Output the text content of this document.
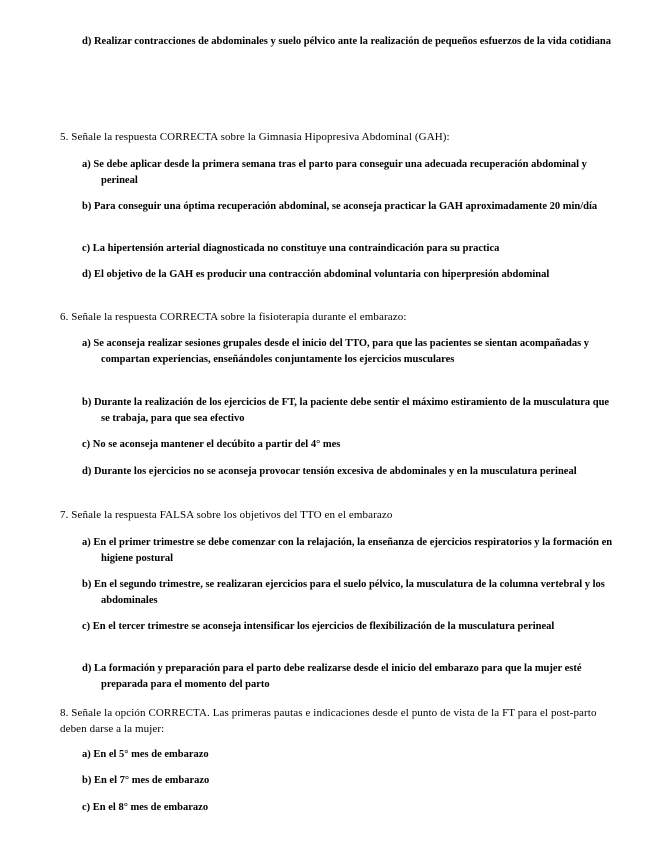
d) Realizar contracciones de abdominales y suelo pélvico ante la realización de pequeños esfuerzos de la vida cotidiana
5. Señale la respuesta CORRECTA sobre la Gimnasia Hipopresiva Abdominal (GAH):
a) Se debe aplicar desde la primera semana tras el parto para conseguir una adecuada recuperación abdominal y perineal
b) Para conseguir una óptima recuperación abdominal, se aconseja practicar la GAH aproximadamente 20 min/día
c) La hipertensión arterial diagnosticada no constituye una contraindicación para su practica
d) El objetivo de la GAH es producir una contracción abdominal voluntaria con hiperpresión abdominal
6. Señale la respuesta CORRECTA sobre la fisioterapia durante el embarazo:
a) Se aconseja realizar sesiones grupales desde el inicio del TTO, para que las pacientes se sientan acompañadas y compartan experiencias, enseñándoles conjuntamente los ejercicios musculares
b) Durante la realización de los ejercicios de FT, la paciente debe sentir el máximo estiramiento de la musculatura que se trabaja, para que sea efectivo
c) No se aconseja mantener el decúbito a partir del 4° mes
d) Durante los ejercicios no se aconseja provocar tensión excesiva de abdominales y en la musculatura perineal
7. Señale la respuesta FALSA sobre los objetivos del TTO en el embarazo
a) En el primer trimestre se debe comenzar con la relajación, la enseñanza de ejercicios respiratorios y la formación en higiene postural
b) En el segundo trimestre, se realizaran ejercicios para el suelo pélvico, la musculatura de la columna vertebral y los abdominales
c) En el tercer trimestre se aconseja intensificar los ejercicios de flexibilización de la musculatura perineal
d) La formación y preparación para el parto debe realizarse desde el inicio del embarazo para que la mujer esté preparada para el momento del parto
8. Señale la opción CORRECTA. Las primeras pautas e indicaciones desde el punto de vista de la FT para el post-parto deben darse a la mujer:
a) En el 5° mes de embarazo
b) En el 7° mes de embarazo
c) En el 8° mes de embarazo
